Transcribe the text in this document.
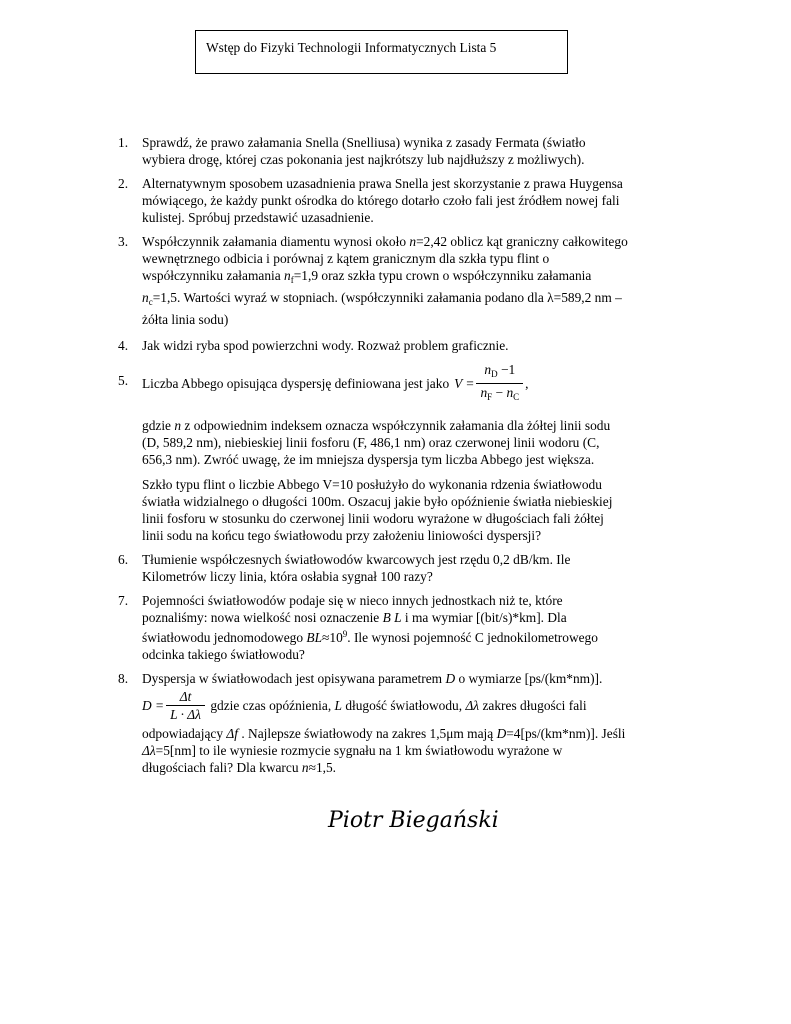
Wstęp do Fizyki Technologii Informatycznych Lista 5
1. Sprawdź, że prawo załamania Snella (Snelliusa) wynika z zasady Fermata (światło

wybiera drogę, której czas pokonania jest najkrótszy lub najdłuższy z możliwych).

2. Alternatywnym sposobem uzasadnienia prawa Snella jest skorzystanie z prawa Huygensa

mówiącego, że każdy punkt ośrodka do którego dotarło czoło fali jest źródłem nowej fali

kulistej. Spróbuj przedstawić uzasadnienie.

3. Współczynnik załamania diamentu wynosi około n=2,42 oblicz kąt graniczny całkowitego

wewnętrznego odbicia i porównaj z kątem granicznym dla szkła typu flint o

współczynniku załamania $n_f=1,9$ oraz szkła typu crown o współczynniku załamania

$n_c=1,5$. Wartości wyraź w stopniach. (współczynniki załamania podano dla λ=589,2 nm –

żółta linia sodu)

4. Jak widzi ryba spod powierzchni wody. Rozważ problem graficznie.

5. Liczba Abbego opisująca dyspersję definiowana jest jako $V = \frac{n_D -1}{n_F - n_C}$ ,

gdzie n z odpowiednim indeksem oznacza współczynnik załamania dla żółtej linii sodu

(D, 589,2 nm), niebieskiej linii fosforu (F, 486,1 nm) oraz czerwonej linii wodoru (C,

656,3 nm). Zwróć uwagę, że im mniejsza dyspersja tym liczba Abbego jest większa.

Szkło typu flint o liczbie Abbego V=10 posłużyło do wykonania rdzenia światłowodu

światła widzialnego o długości 100m. Oszacuj jakie było opóźnienie światła niebieskiej

linii fosforu w stosunku do czerwonej linii wodoru wyrażone w długościach fali żółtej

linii sodu na końcu tego światłowodu przy założeniu liniowości dyspersji?

6. Tłumienie współczesnych światłowodów kwarcowych jest rzędu 0,2 dB/km. Ile

Kilometrów liczy linia, która osłabia sygnał 100 razy?

7. Pojemności światłowodów podaje się w nieco innych jednostkach niż te, które

poznaliśmy: nowa wielkość nosi oznaczenie B L i ma wymiar [(bit/s)*km]. Dla

światłowodu jednomodowego $BL\approx 10^9$. Ile wynosi pojemność C jednokilometrowego

odcinka takiego światłowodu?

8. Dyspersja w światłowodach jest opisywana parametrem D o wymiarze [ps/(km*nm)].

$D = \frac{\Delta t}{L \cdot \Delta\lambda}$ gdzie czas opóźnienia, L długość światłowodu, Δλ zakres długości fali

odpowiadający Δf . Najlepsze światłowody na zakres 1,5μm mają D=4[ps/(km*nm)]. Jeśli

Δλ=5[nm] to ile wyniesie rozmycie sygnału na 1 km światłowodu wyrażone w

długościach fali? Dla kwarcu n≈1,5.

Piotr Biegański
